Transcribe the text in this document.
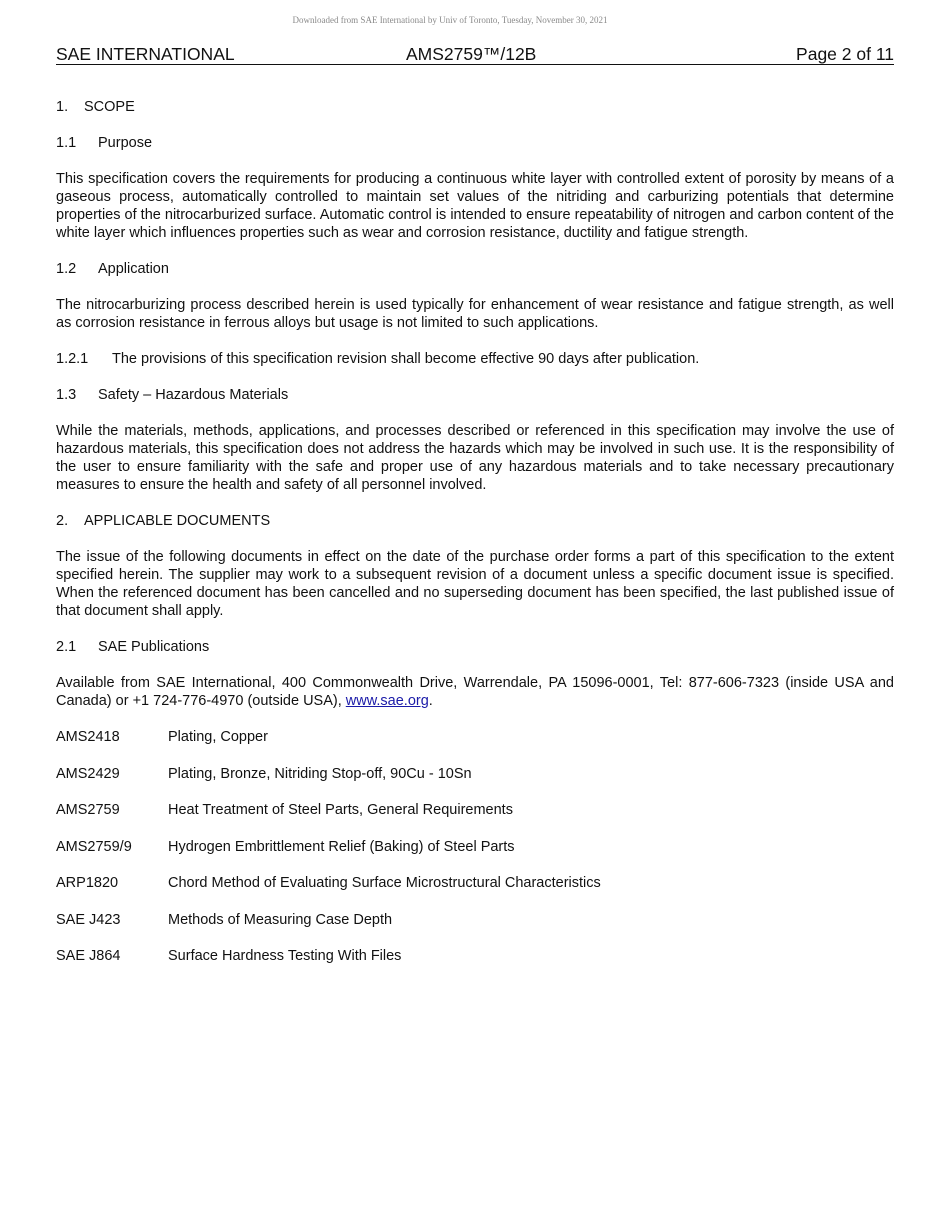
Downloaded from SAE International by Univ of Toronto, Tuesday, November 30, 2021
SAE INTERNATIONAL	AMS2759™/12B	Page 2 of 11
1. SCOPE
1.1 Purpose

This specification covers the requirements for producing a continuous white layer with controlled extent of porosity by means of a gaseous process, automatically controlled to maintain set values of the nitriding and carburizing potentials that determine properties of the nitrocarburized surface. Automatic control is intended to ensure repeatability of nitrogen and carbon content of the white layer which influences properties such as wear and corrosion resistance, ductility and fatigue strength.

1.2 Application

The nitrocarburizing process described herein is used typically for enhancement of wear resistance and fatigue strength, as well as corrosion resistance in ferrous alloys but usage is not limited to such applications.

1.2.1 The provisions of this specification revision shall become effective 90 days after publication.
1.3 Safety – Hazardous Materials

While the materials, methods, applications, and processes described or referenced in this specification may involve the use of hazardous materials, this specification does not address the hazards which may be involved in such use. It is the responsibility of the user to ensure familiarity with the safe and proper use of any hazardous materials and to take necessary precautionary measures to ensure the health and safety of all personnel involved.

2. APPLICABLE DOCUMENTS

The issue of the following documents in effect on the date of the purchase order forms a part of this specification to the extent specified herein. The supplier may work to a subsequent revision of a document unless a specific document issue is specified. When the referenced document has been cancelled and no superseding document has been specified, the last published issue of that document shall apply.

2.1 SAE Publications

Available from SAE International, 400 Commonwealth Drive, Warrendale, PA 15096-0001, Tel: 877-606-7323 (inside USA and Canada) or +1 724-776-4970 (outside USA), www.sae.org.

AMS2418	Plating, Copper
AMS2429	Plating, Bronze, Nitriding Stop-off, 90Cu - 10Sn
AMS2759	Heat Treatment of Steel Parts, General Requirements
AMS2759/9 Hydrogen Embrittlement Relief (Baking) of Steel Parts
ARP1820	Chord Method of Evaluating Surface Microstructural Characteristics
SAE J423	Methods of Measuring Case Depth
SAE J864	Surface Hardness Testing With Files
